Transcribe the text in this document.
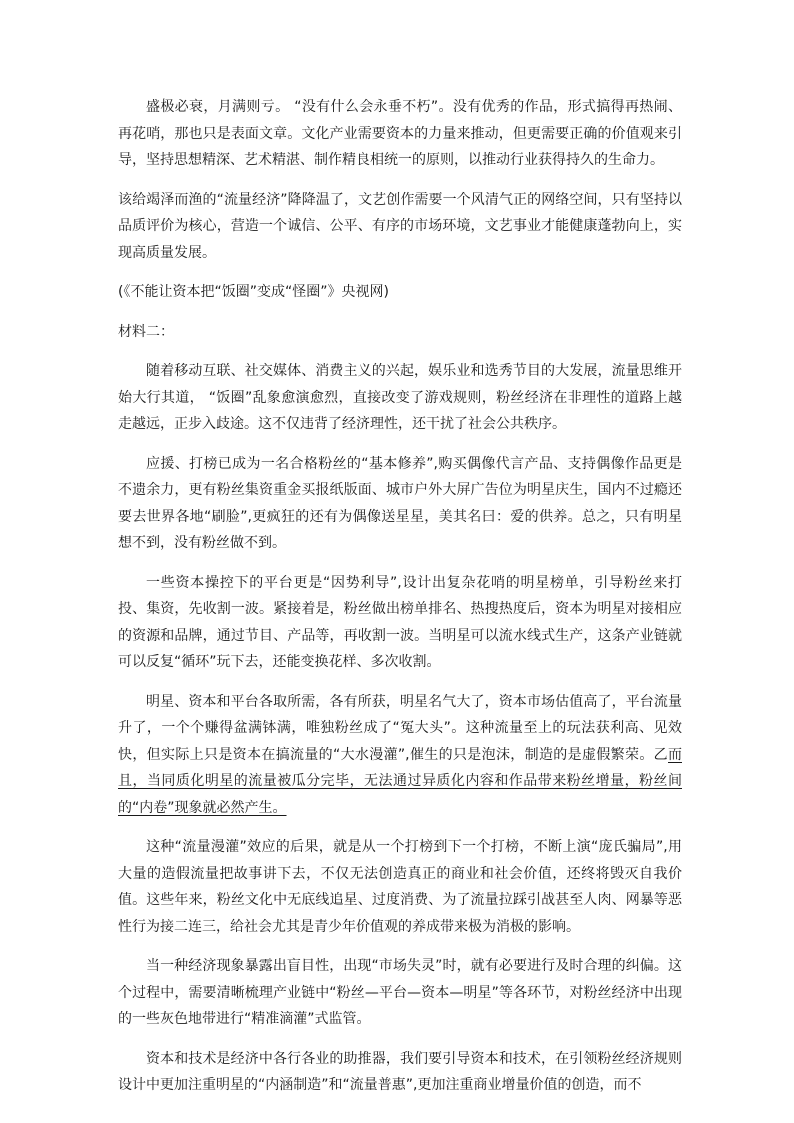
盛极必衰，月满则亏。 “没有什么会永垂不朽”。没有优秀的作品，形式搞得再热闹、再花哨，那也只是表面文章。文化产业需要资本的力量来推动，但更需要正确的价值观来引导，坚持思想精深、艺术精湛、制作精良相统一的原则，以推动行业获得持久的生命力。

该给竭泽而渔的“流量经济”降降温了，文艺创作需要一个风清气正的网络空间，只有坚持以品质评价为核心，营造一个诚信、公平、有序的市场环境，文艺事业才能健康蓬勃向上，实现高质量发展。

(《不能让资本把“饭圈”变成“怪圈”》央视网)

材料二：

随着移动互联、社交媒体、消费主义的兴起，娱乐业和选秀节目的大发展，流量思维开始大行其道， “饭圈”乱象愈演愈烈，直接改变了游戏规则，粉丝经济在非理性的道路上越走越远，正步入歧途。这不仅违背了经济理性，还干扰了社会公共秩序。

应援、打榜已成为一名合格粉丝的“基本修养”,购买偶像代言产品、支持偶像作品更是不遗余力，更有粉丝集资重金买报纸版面、城市户外大屏广告位为明星庆生，国内不过瘾还要去世界各地“刷脸”,更疯狂的还有为偶像送星星，美其名曰：爱的供养。总之，只有明星想不到，没有粉丝做不到。

一些资本操控下的平台更是“因势利导”,设计出复杂花哨的明星榜单，引导粉丝来打投、集资，先收割一波。紧接着是，粉丝做出榜单排名、热搜热度后，资本为明星对接相应的资源和品牌，通过节目、产品等，再收割一波。当明星可以流水线式生产，这条产业链就可以反复“循环”玩下去，还能变换花样、多次收割。

明星、资本和平台各取所需，各有所获，明星名气大了，资本市场估值高了，平台流量升了，一个个赚得盆满钵满，唯独粉丝成了“冤大头”。这种流量至上的玩法获利高、见效快，但实际上只是资本在搞流量的“大水漫灌”,催生的只是泡沫，制造的是虚假繁荣。乙而且，当同质化明星的流量被瓜分完毕，无法通过异质化内容和作品带来粉丝增量，粉丝间的“内卷”现象就必然产生。

这种“流量漫灌”效应的后果，就是从一个打榜到下一个打榜，不断上演“庞氏骗局”,用大量的造假流量把故事讲下去，不仅无法创造真正的商业和社会价值，还终将毁灭自我价值。这些年来，粉丝文化中无底线追星、过度消费、为了流量拉踩引战甚至人肉、网暴等恶性行为接二连三，给社会尤其是青少年价值观的养成带来极为消极的影响。

当一种经济现象暴露出盲目性，出现“市场失灵”时，就有必要进行及时合理的纠偏。这个过程中，需要清晰梳理产业链中“粉丝—平台—资本—明星”等各环节，对粉丝经济中出现的一些灰色地带进行“精准滴灌”式监管。

资本和技术是经济中各行各业的助推器，我们要引导资本和技术，在引领粉丝经济规则设计中更加注重明星的“内涵制造”和“流量普惠”,更加注重商业增量价值的创造，而不
